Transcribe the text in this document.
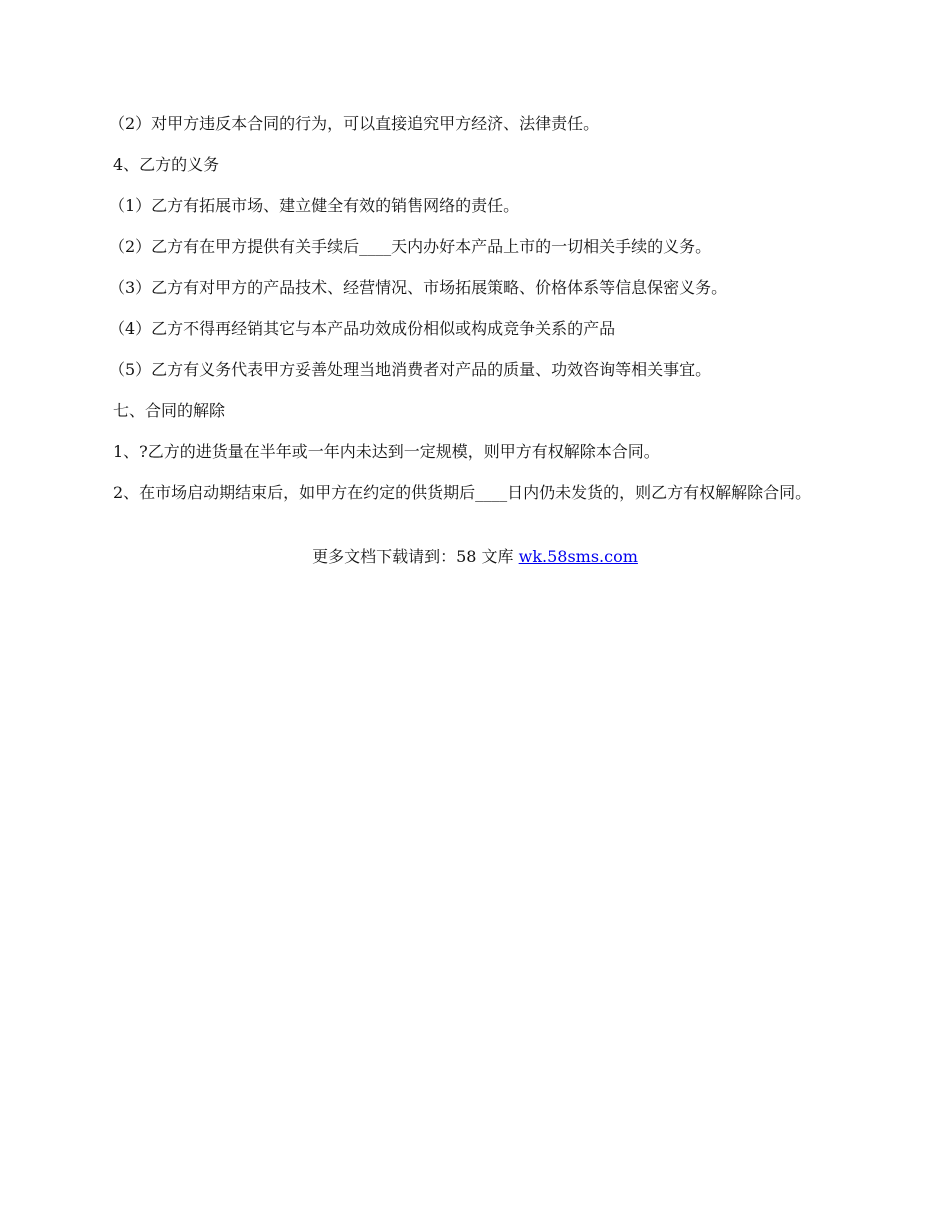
（2）对甲方违反本合同的行为，可以直接追究甲方经济、法律责任。

4、乙方的义务

（1）乙方有拓展市场、建立健全有效的销售网络的责任。

（2）乙方有在甲方提供有关手续后____天内办好本产品上市的一切相关手续的义务。

（3）乙方有对甲方的产品技术、经营情况、市场拓展策略、价格体系等信息保密义务。

（4）乙方不得再经销其它与本产品功效成份相似或构成竞争关系的产品

（5）乙方有义务代表甲方妥善处理当地消费者对产品的质量、功效咨询等相关事宜。

七、合同的解除

1、?乙方的进货量在半年或一年内未达到一定规模，则甲方有权解除本合同。

2、在市场启动期结束后，如甲方在约定的供货期后____日内仍未发货的，则乙方有权解解除合同。

更多文档下载请到：58 文库 wk.58sms.com
